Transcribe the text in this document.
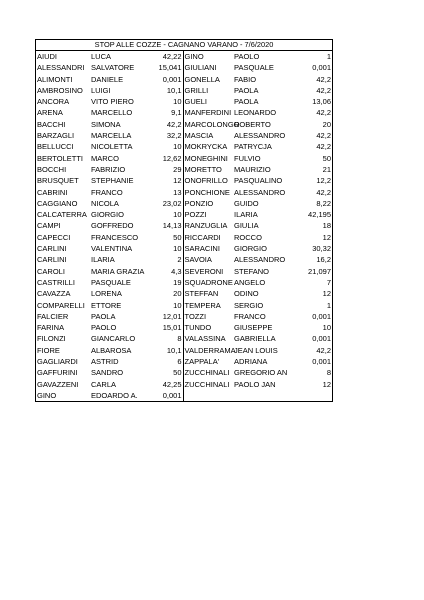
STOP ALLE COZZE - CAGNANO VARANO - 7/6/2020
AIUDI	LUCA	42,22	GINO	PAOLO	1
ALESSANDRI	SALVATORE	15,041	GIULIANI	PASQUALE	0,001
ALIMONTI	DANIELE	0,001	GONELLA	FABIO	42,2
AMBROSINO	LUIGI	10,1	GRILLI	PAOLA	42,2
ANCORA	VITO PIERO	10	GUELI	PAOLA	13,06
ARENA	MARCELLO	9,1	MANFERDINI	LEONARDO	42,2
BACCHI	SIMONA	42,2	MARCOLONGO	ROBERTO	20
BARZAGLI	MARCELLA	32,2	MASCIA	ALESSANDRO	42,2
BELLUCCI	NICOLETTA	10	MOKRYCKA	PATRYCJA	42,2
BERTOLETTI	MARCO	12,62	MONEGHINI	FULVIO	50
BOCCHI	FABRIZIO	29	MORETTO	MAURIZIO	21
BRUSQUET	STEPHANIE	12	ONOFRILLO	PASQUALINO	12,2
CABRINI	FRANCO	13	PONCHIONE	ALESSANDRO	42,2
CAGGIANO	NICOLA	23,02	PONZIO	GUIDO	8,22
CALCATERRA	GIORGIO	10	POZZI	ILARIA	42,195
CAMPI	GOFFREDO	14,13	RANZUGLIA	GIULIA	18
CAPECCI	FRANCESCO	50	RICCARDI	ROCCO	12
CARLINI	VALENTINA	10	SARACINI	GIORGIO	30,32
CARLINI	ILARIA	2	SAVOIA	ALESSANDRO	16,2
CAROLI	MARIA GRAZIA	4,3	SEVERONI	STEFANO	21,097
CASTRILLI	PASQUALE	19	SQUADRONE	ANGELO	7
CAVAZZA	LORENA	20	STEFFAN	ODINO	12
COMPARELLI	ETTORE	10	TEMPERA	SERGIO	1
FALCIER	PAOLA	12,01	TOZZI	FRANCO	0,001
FARINA	PAOLO	15,01	TUNDO	GIUSEPPE	10
FILONZI	GIANCARLO	8	VALASSINA	GABRIELLA	0,001
FIORE	ALBAROSA	10,1	VALDERRAMA	JEAN LOUIS	42,2
GAGLIARDI	ASTRID	6	ZAPPALA'	ADRIANA	0,001
GAFFURINI	SANDRO	50	ZUCCHINALI	GREGORIO AN	8
GAVAZZENI	CARLA	42,25	ZUCCHINALI	PAOLO JAN	12
GINO	EDOARDO A.	0,001			
